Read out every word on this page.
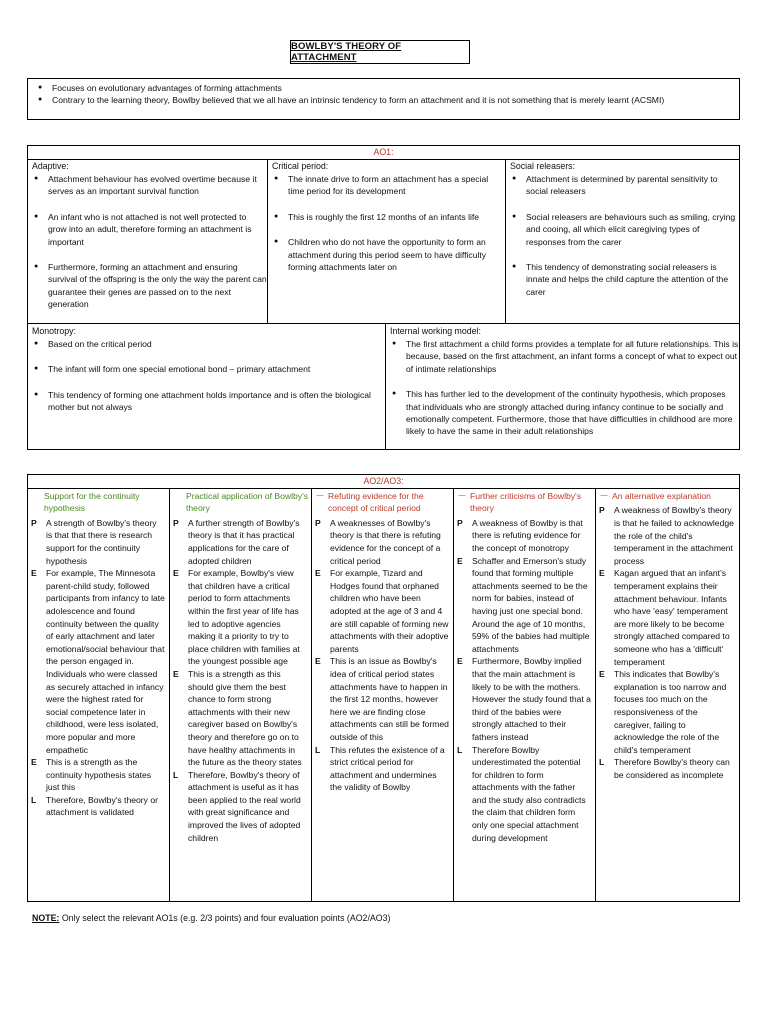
BOWLBY'S THEORY OF ATTACHMENT
● Focuses on evolutionary advantages of forming attachments
● Contrary to the learning theory, Bowlby believed that we all have an intrinsic tendency to form an attachment and it is not something that is merely learnt (ACSMI)
AO1:
Adaptive:
● Attachment behaviour has evolved overtime because it serves as an important survival function
● An infant who is not attached is not well protected to grow into an adult, therefore forming an attachment is important
● Furthermore, forming an attachment and ensuring survival of the offspring is the only the way the parent can guarantee their genes are passed on to the next generation
Critical period:
● The innate drive to form an attachment has a special time period for its development
● This is roughly the first 12 months of an infants life
● Children who do not have the opportunity to form an attachment during this period seem to have difficulty forming attachments later on
Social releasers:
● Attachment is determined by parental sensitivity to social releasers
● Social releasers are behaviours such as smiling, crying and cooing, all which elicit caregiving types of responses from the carer
● This tendency of demonstrating social releasers is innate and helps the child capture the attention of the carer
Monotropy:
● Based on the critical period
● The infant will form one special emotional bond – primary attachment
● This tendency of forming one attachment holds importance and is often the biological mother but not always
Internal working model:
● The first attachment a child forms provides a template for all future relationships. This is because, based on the first attachment, an infant forms a concept of what to expect out of intimate relationships
● This has further led to the development of the continuity hypothesis, which proposes that individuals who are strongly attached during infancy continue to be socially and emotionally competent. Furthermore, those that have difficulties in childhood are more likely to have the same in their adult relationships
AO2/AO3:
Support for the continuity hypothesis
P	A strength of Bowlby's theory is that that there is research support for the continuity hypothesis
E	For example, The Minnesota parent-child study, followed participants from infancy to late adolescence and found continuity between the quality of early attachment and later emotional/social behaviour that the person engaged in. Individuals who were classed as securely attached in infancy were the highest rated for social competence later in childhood, were less isolated, more popular and more empathetic
E	This is a strength as the continuity hypothesis states just this
L	Therefore, Bowlby's theory or attachment is validated
Practical application of Bowlby's theory
P	A further strength of Bowlby's theory is that it has practical applications for the care of adopted children
E	For example, Bowlby's view that children have a critical period to form attachments within the first year of life has led to adoptive agencies making it a priority to try to place children with families at the youngest possible age
E	This is a strength as this should give them the best chance to form strong attachments with their new caregiver based on Bowlby's theory and therefore go on to have healthy attachments in the future as the theory states
L	Therefore, Bowlby's theory of attachment is useful as it has been applied to the real world with great significance and improved the lives of adopted children
— Refuting evidence for the concept of critical period
P	A weaknesses of Bowlby's theory is that there is refuting evidence for the concept of a critical period
E	For example, Tizard and Hodges found that orphaned children who have been adopted at the age of 3 and 4 are still capable of forming new attachments with their adoptive parents
E	This is an issue as Bowlby's idea of critical period states attachments have to happen in the first 12 months, however here we are finding close attachments can still be formed outside of this
L	This refutes the existence of a strict critical period for attachment and undermines the validity of Bowlby
— Further criticisms of Bowlby's theory
P	A weakness of Bowlby is that there is refuting evidence for the concept of monotropy
E	Schaffer and Emerson's study found that forming multiple attachments seemed to be the norm for babies, instead of having just one special bond. Around the age of 10 months, 59% of the babies had multiple attachments
E	Furthermore, Bowlby implied that the main attachment is likely to be with the mothers. However the study found that a third of the babies were strongly attached to their fathers instead
L	Therefore Bowlby underestimated the potential for children to form attachments with the father and the study also contradicts the claim that children form only one special attachment during development
— An alternative explanation
P	A weakness of Bowlby's theory is that he failed to acknowledge the role of the child's temperament in the attachment process
E	Kagan argued that an infant's temperament explains their attachment behaviour. Infants who have 'easy' temperament are more likely to be become strongly attached compared to someone who has a 'difficult' temperament
E	This indicates that Bowlby's explanation is too narrow and focuses too much on the responsiveness of the caregiver, failing to acknowledge the role of the child's temperament
L	Therefore Bowlby's theory can be considered as incomplete
NOTE: Only select the relevant AO1s (e.g. 2/3 points) and four evaluation points (AO2/AO3)
